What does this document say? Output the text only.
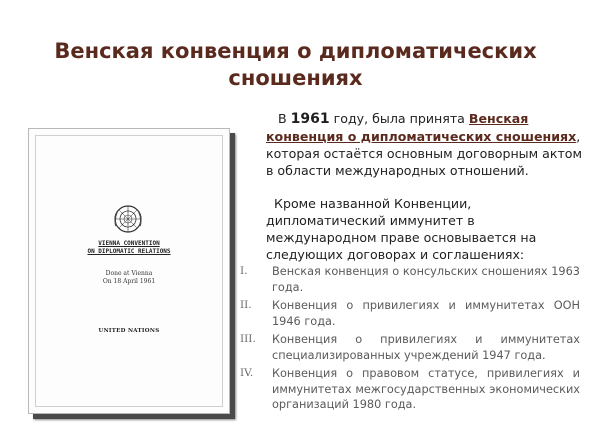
Венская конвенция о дипломатических
сношениях
VIENNA CONVENTION
ON DIPLOMATIC RELATIONS
Done at Vienna
On 18 April 1961
UNITED NATIONS

В 1961 году, была принята Венская конвенция о дипломатических сношениях, которая остаётся основным договорным актом в области международных отношений.

Кроме названной Конвенции, дипломатический иммунитет в международном праве основывается на следующих договорах и соглашениях:

I.	Венская конвенция о консульских сношениях 1963 года.
II.	Конвенция о привилегиях и иммунитетах ООН 1946 года.
III.	Конвенция о привилегиях и иммунитетах специализированных учреждений 1947 года.
IV.	Конвенция о правовом статусе, привилегиях и иммунитетах межгосударственных экономических организаций 1980 года.
